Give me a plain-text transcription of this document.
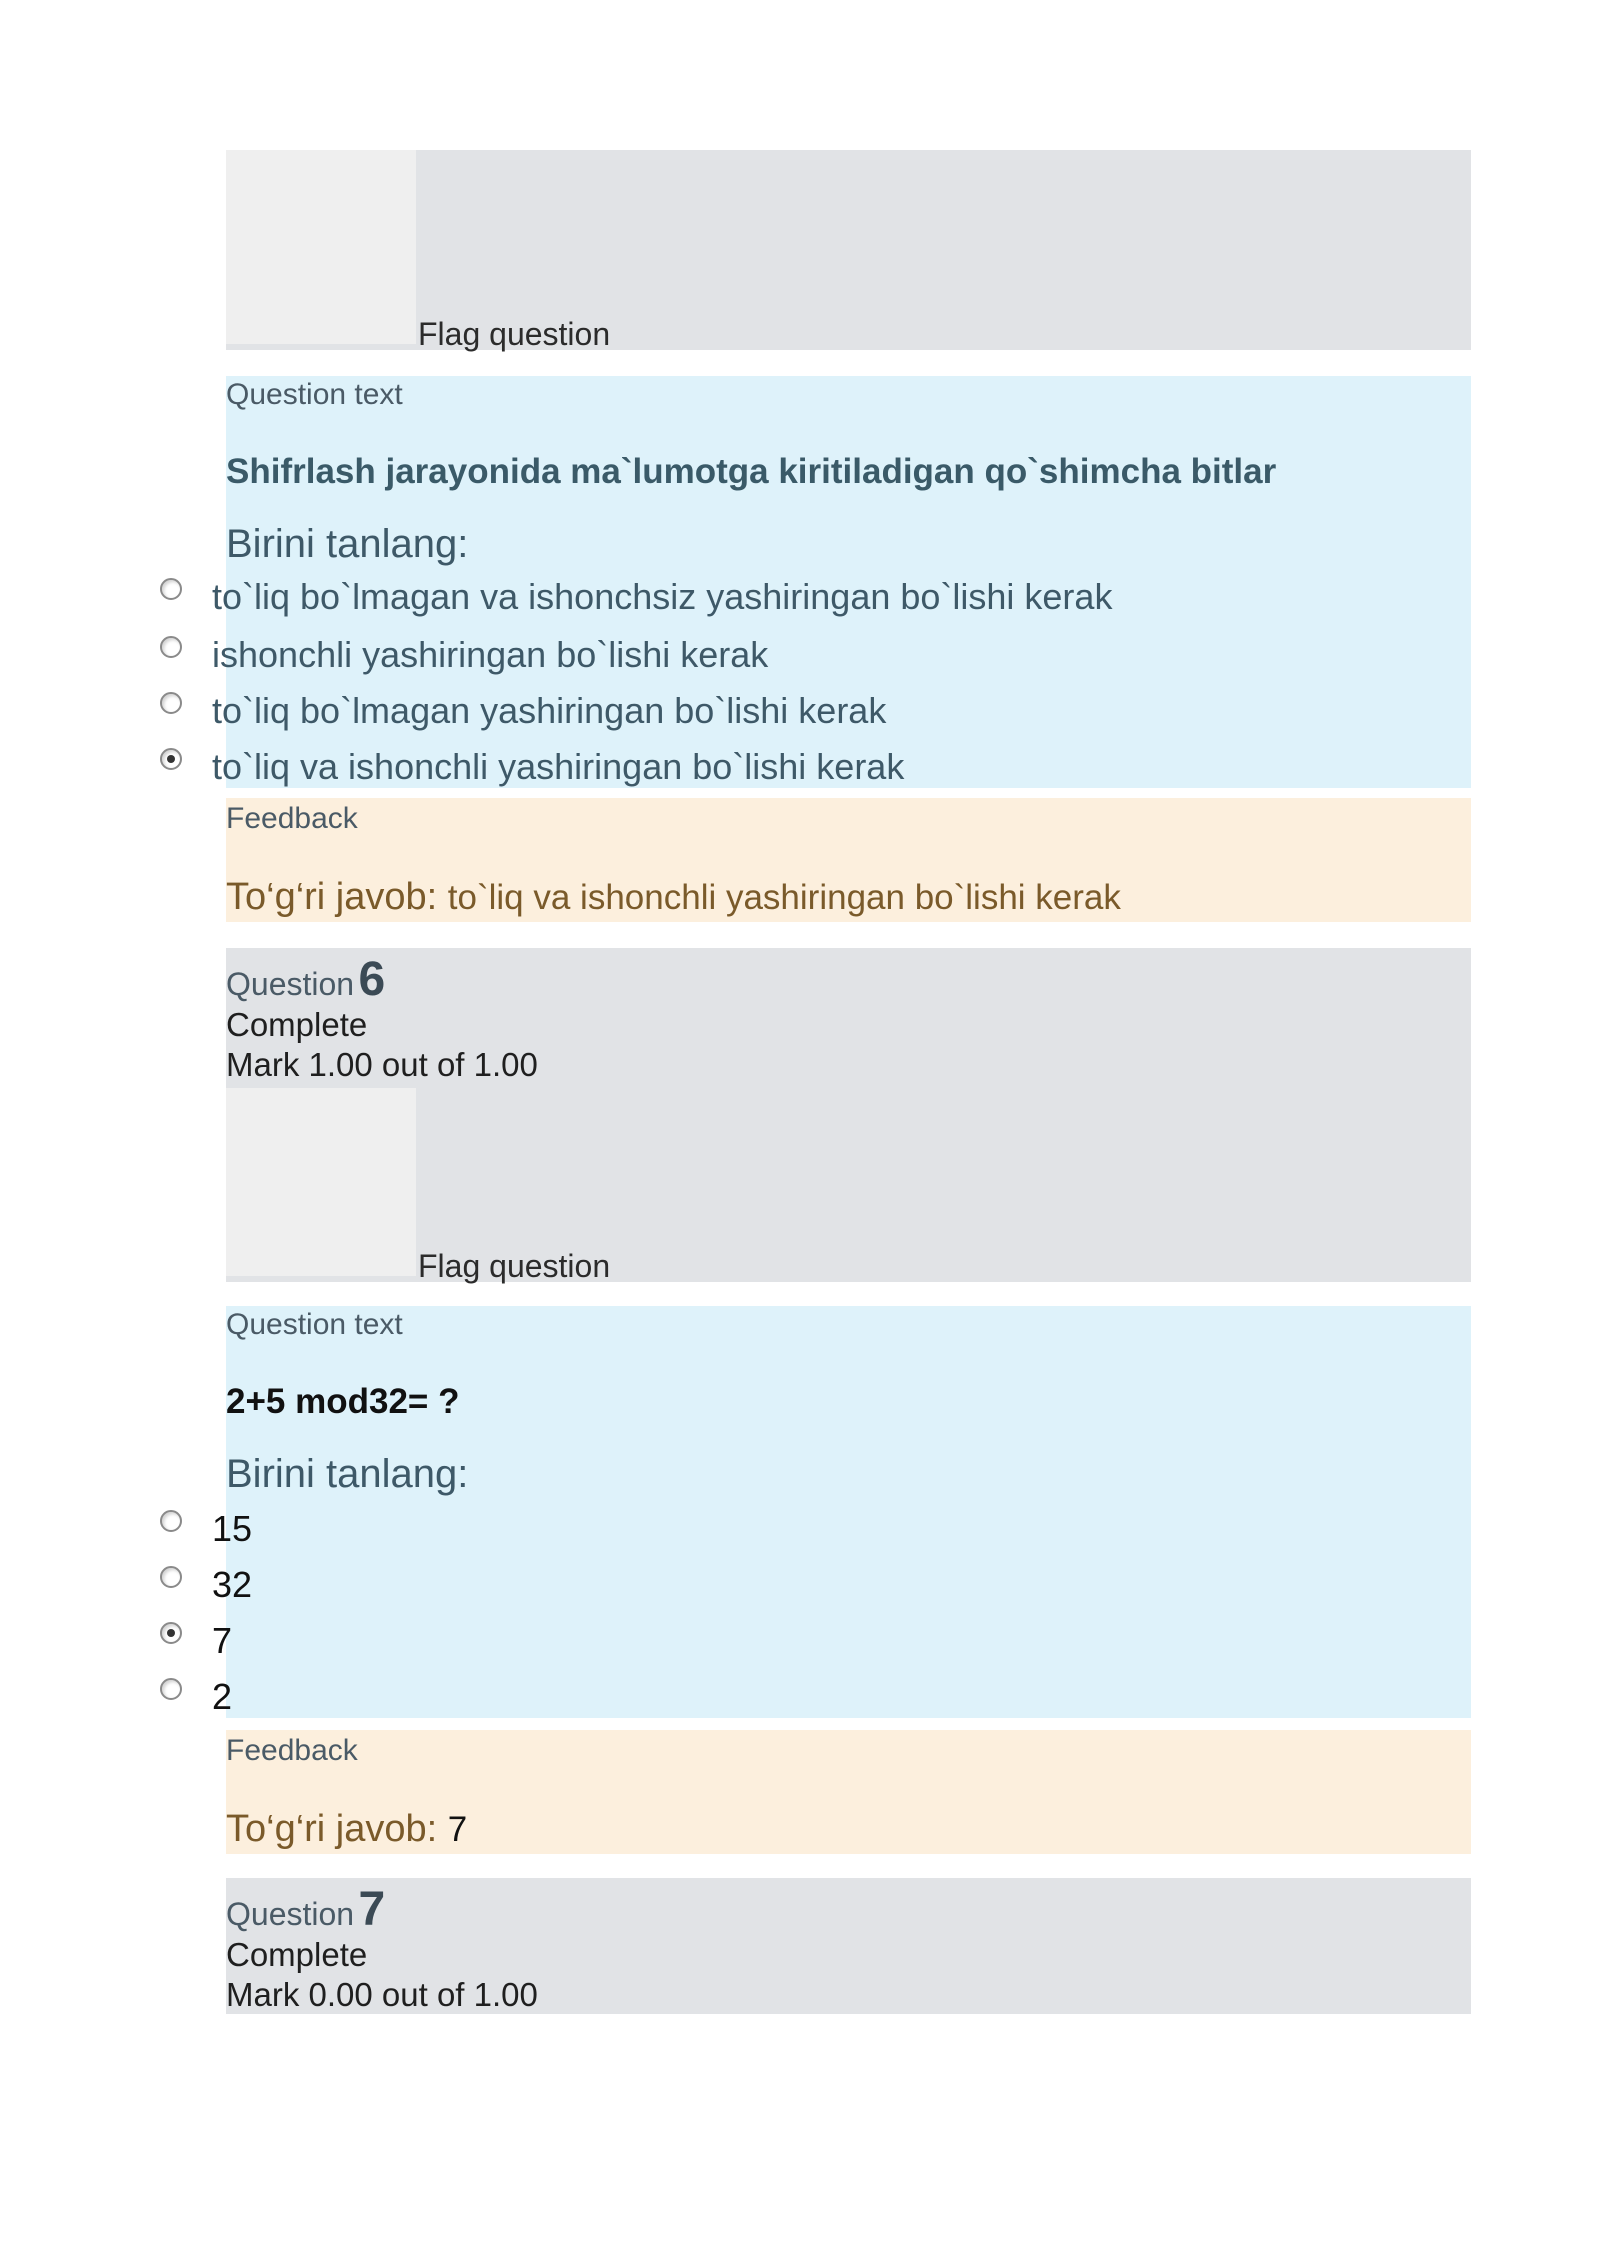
Flag question
Question text
Shifrlash jarayonida ma`lumotga kiritiladigan qo`shimcha bitlar
Birini tanlang:
to`liq bo`lmagan va ishonchsiz yashiringan bo`lishi kerak
ishonchli yashiringan bo`lishi kerak
to`liq bo`lmagan yashiringan bo`lishi kerak
to`liq va ishonchli yashiringan bo`lishi kerak
Feedback
To‘g‘ri javob: to`liq va ishonchli yashiringan bo`lishi kerak
Question 6
Complete
Mark 1.00 out of 1.00
Flag question
Question text
2+5 mod32= ?
Birini tanlang:
15
32
7
2
Feedback
To‘g‘ri javob: 7
Question 7
Complete
Mark 0.00 out of 1.00
